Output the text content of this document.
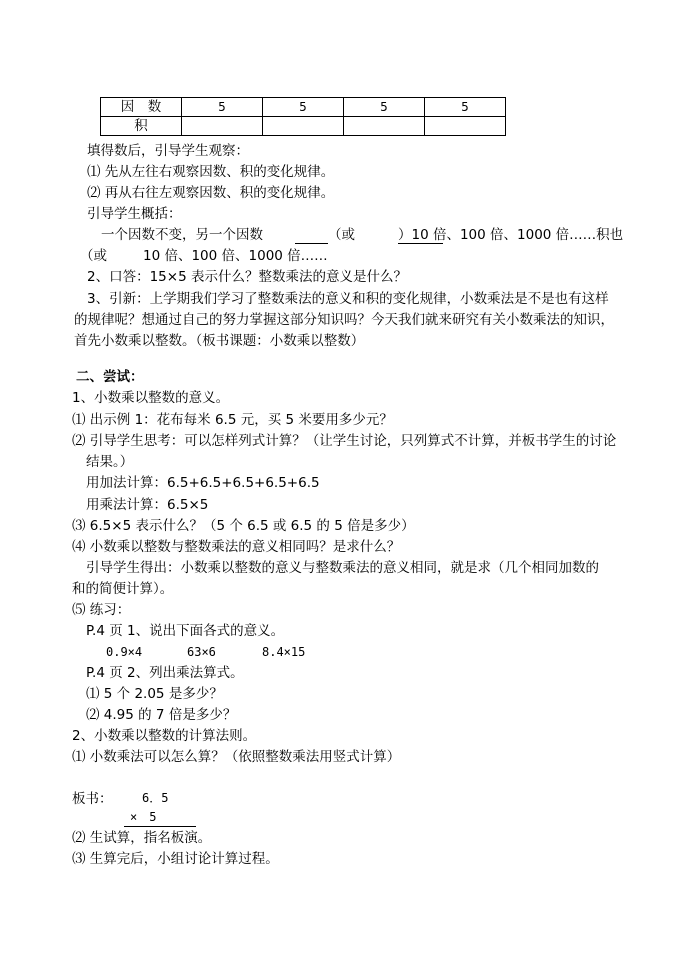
因　数	5	5	5	5
积				
填得数后，引导学生观察：
⑴ 先从左往右观察因数、积的变化规律。
⑵ 再从右往左观察因数、积的变化规律。
引导学生概括：
一个因数不变，另一个因数	（或	）10 倍、100 倍、1000 倍……积也
（或	10 倍、100 倍、1000 倍……
2、口答：15×5 表示什么？整数乘法的意义是什么？
3、引新：上学期我们学习了整数乘法的意义和积的变化规律，小数乘法是不是也有这样
的规律呢？想通过自己的努力掌握这部分知识吗？今天我们就来研究有关小数乘法的知识，
首先小数乘以整数。（板书课题：小数乘以整数）
二、尝试：
1、小数乘以整数的意义。
⑴ 出示例 1：花布每米 6.5 元，买 5 米要用多少元？
⑵ 引导学生思考：可以怎样列式计算？（让学生讨论，只列算式不计算，并板书学生的讨论
结果。）
用加法计算：6.5+6.5+6.5+6.5+6.5
用乘法计算：6.5×5
⑶ 6.5×5 表示什么？（5 个 6.5 或 6.5 的 5 倍是多少）
⑷ 小数乘以整数与整数乘法的意义相同吗？是求什么？
引导学生得出：小数乘以整数的意义与整数乘法的意义相同，就是求（几个相同加数的
和的简便计算）。
⑸ 练习：
P.4 页 1、说出下面各式的意义。
0.9×4	63×6	8.4×15
P.4 页 2、列出乘法算式。
⑴ 5 个 2.05 是多少？
⑵ 4.95 的 7 倍是多少？
2、小数乘以整数的计算法则。
⑴ 小数乘法可以怎么算？（依照整数乘法用竖式计算）
板书： 6．5
×　5
⑵ 生试算，指名板演。
⑶ 生算完后，小组讨论计算过程。
